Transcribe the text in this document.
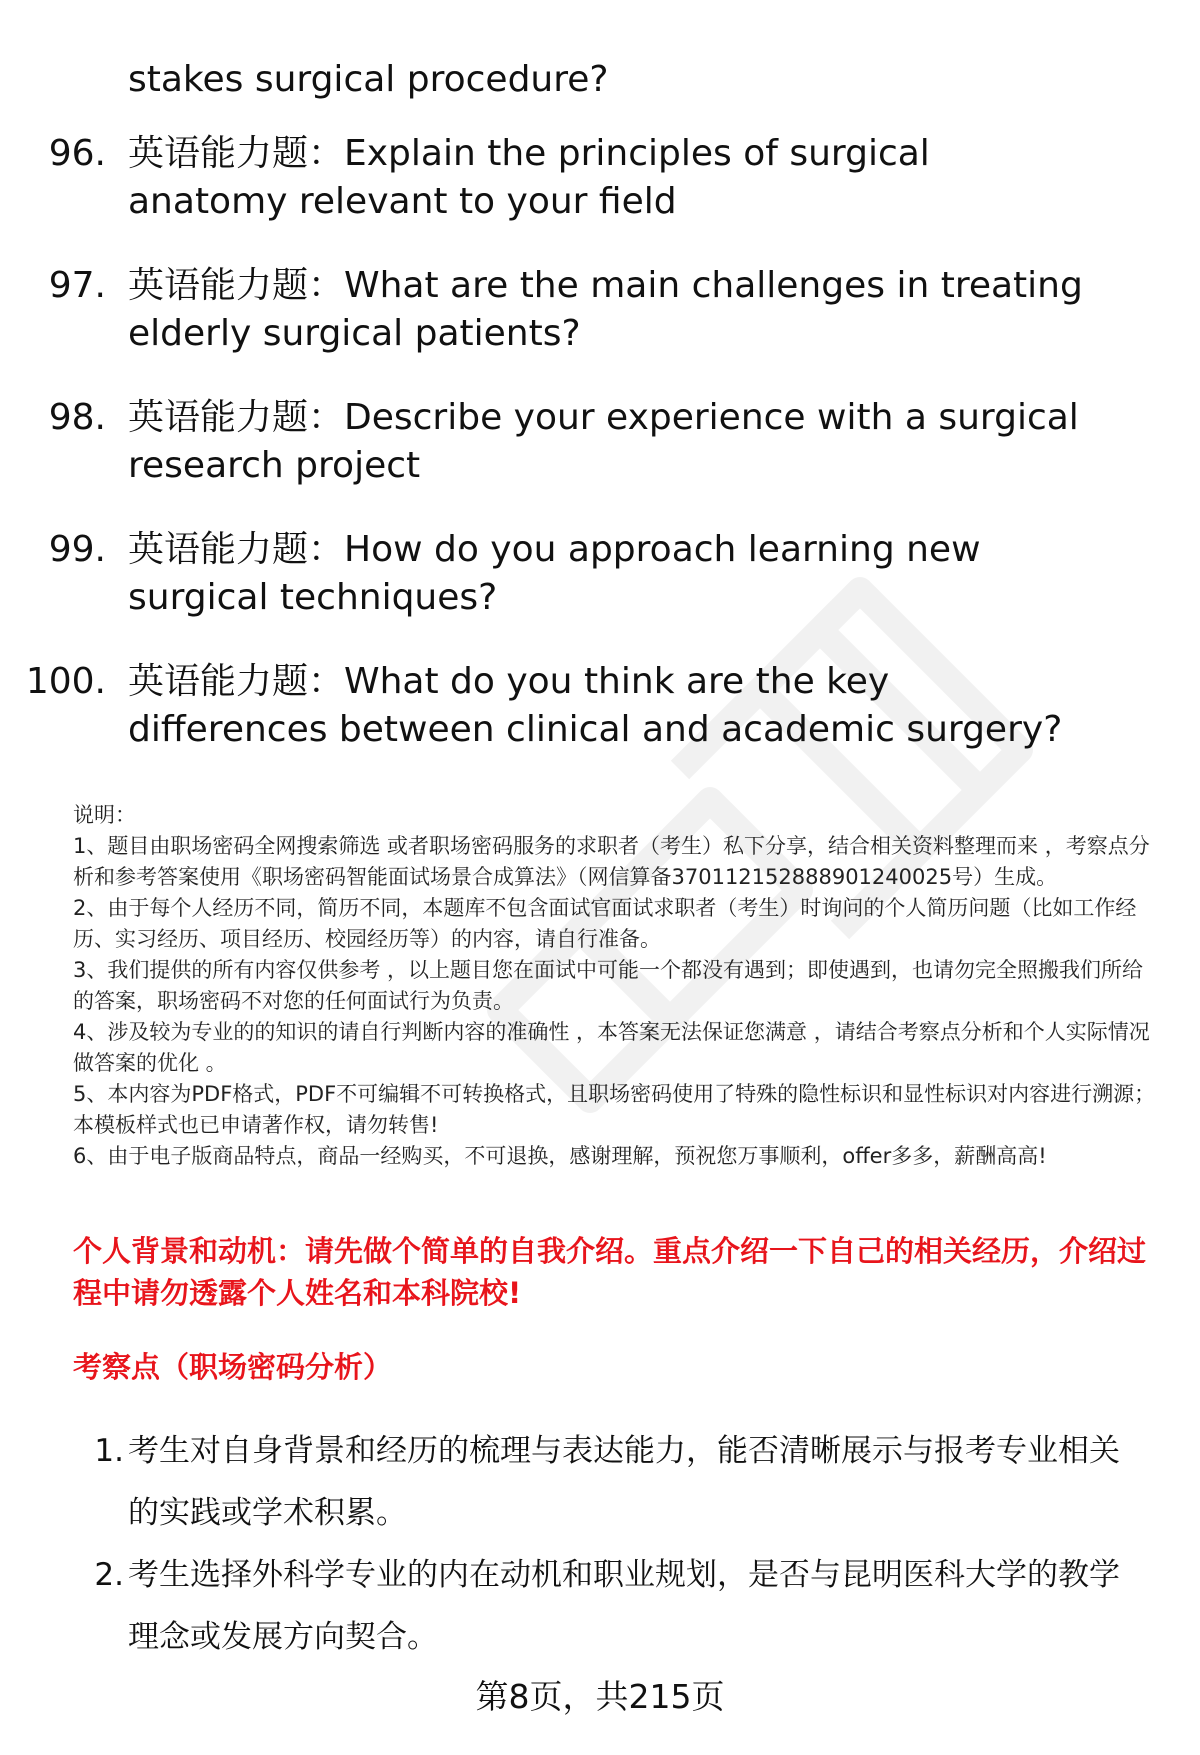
stakes surgical procedure?
96. 英语能力题：Explain the principles of surgical anatomy relevant to your field
97. 英语能力题：What are the main challenges in treating elderly surgical patients?
98. 英语能力题：Describe your experience with a surgical research project
99. 英语能力题：How do you approach learning new surgical techniques?
100. 英语能力题：What do you think are the key differences between clinical and academic surgery?
说明：
1、题目由职场密码全网搜索筛选 或者职场密码服务的求职者（考生）私下分享，结合相关资料整理而来 ，考察点分析和参考答案使用《职场密码智能面试场景合成算法》（网信算备370112152888901240025号）生成。
2、由于每个人经历不同，简历不同，本题库不包含面试官面试求职者（考生）时询问的个人简历问题（比如工作经历、实习经历、项目经历、校园经历等）的内容，请自行准备。
3、我们提供的所有内容仅供参考 ，以上题目您在面试中可能一个都没有遇到；即使遇到，也请勿完全照搬我们所给的答案，职场密码不对您的任何面试行为负责。
4、涉及较为专业的的知识的请自行判断内容的准确性 ，本答案无法保证您满意 ，请结合考察点分析和个人实际情况做答案的优化 。
5、本内容为PDF格式，PDF不可编辑不可转换格式，且职场密码使用了特殊的隐性标识和显性标识对内容进行溯源；本模板样式也已申请著作权，请勿转售!
6、由于电子版商品特点，商品一经购买，不可退换，感谢理解，预祝您万事顺利，offer多多，薪酬高高!
个人背景和动机：请先做个简单的自我介绍。重点介绍一下自己的相关经历，介绍过程中请勿透露个人姓名和本科院校!
考察点（职场密码分析）
1. 考生对自身背景和经历的梳理与表达能力，能否清晰展示与报考专业相关的实践或学术积累。
2. 考生选择外科学专业的内在动机和职业规划，是否与昆明医科大学的教学理念或发展方向契合。
第8页，共215页
